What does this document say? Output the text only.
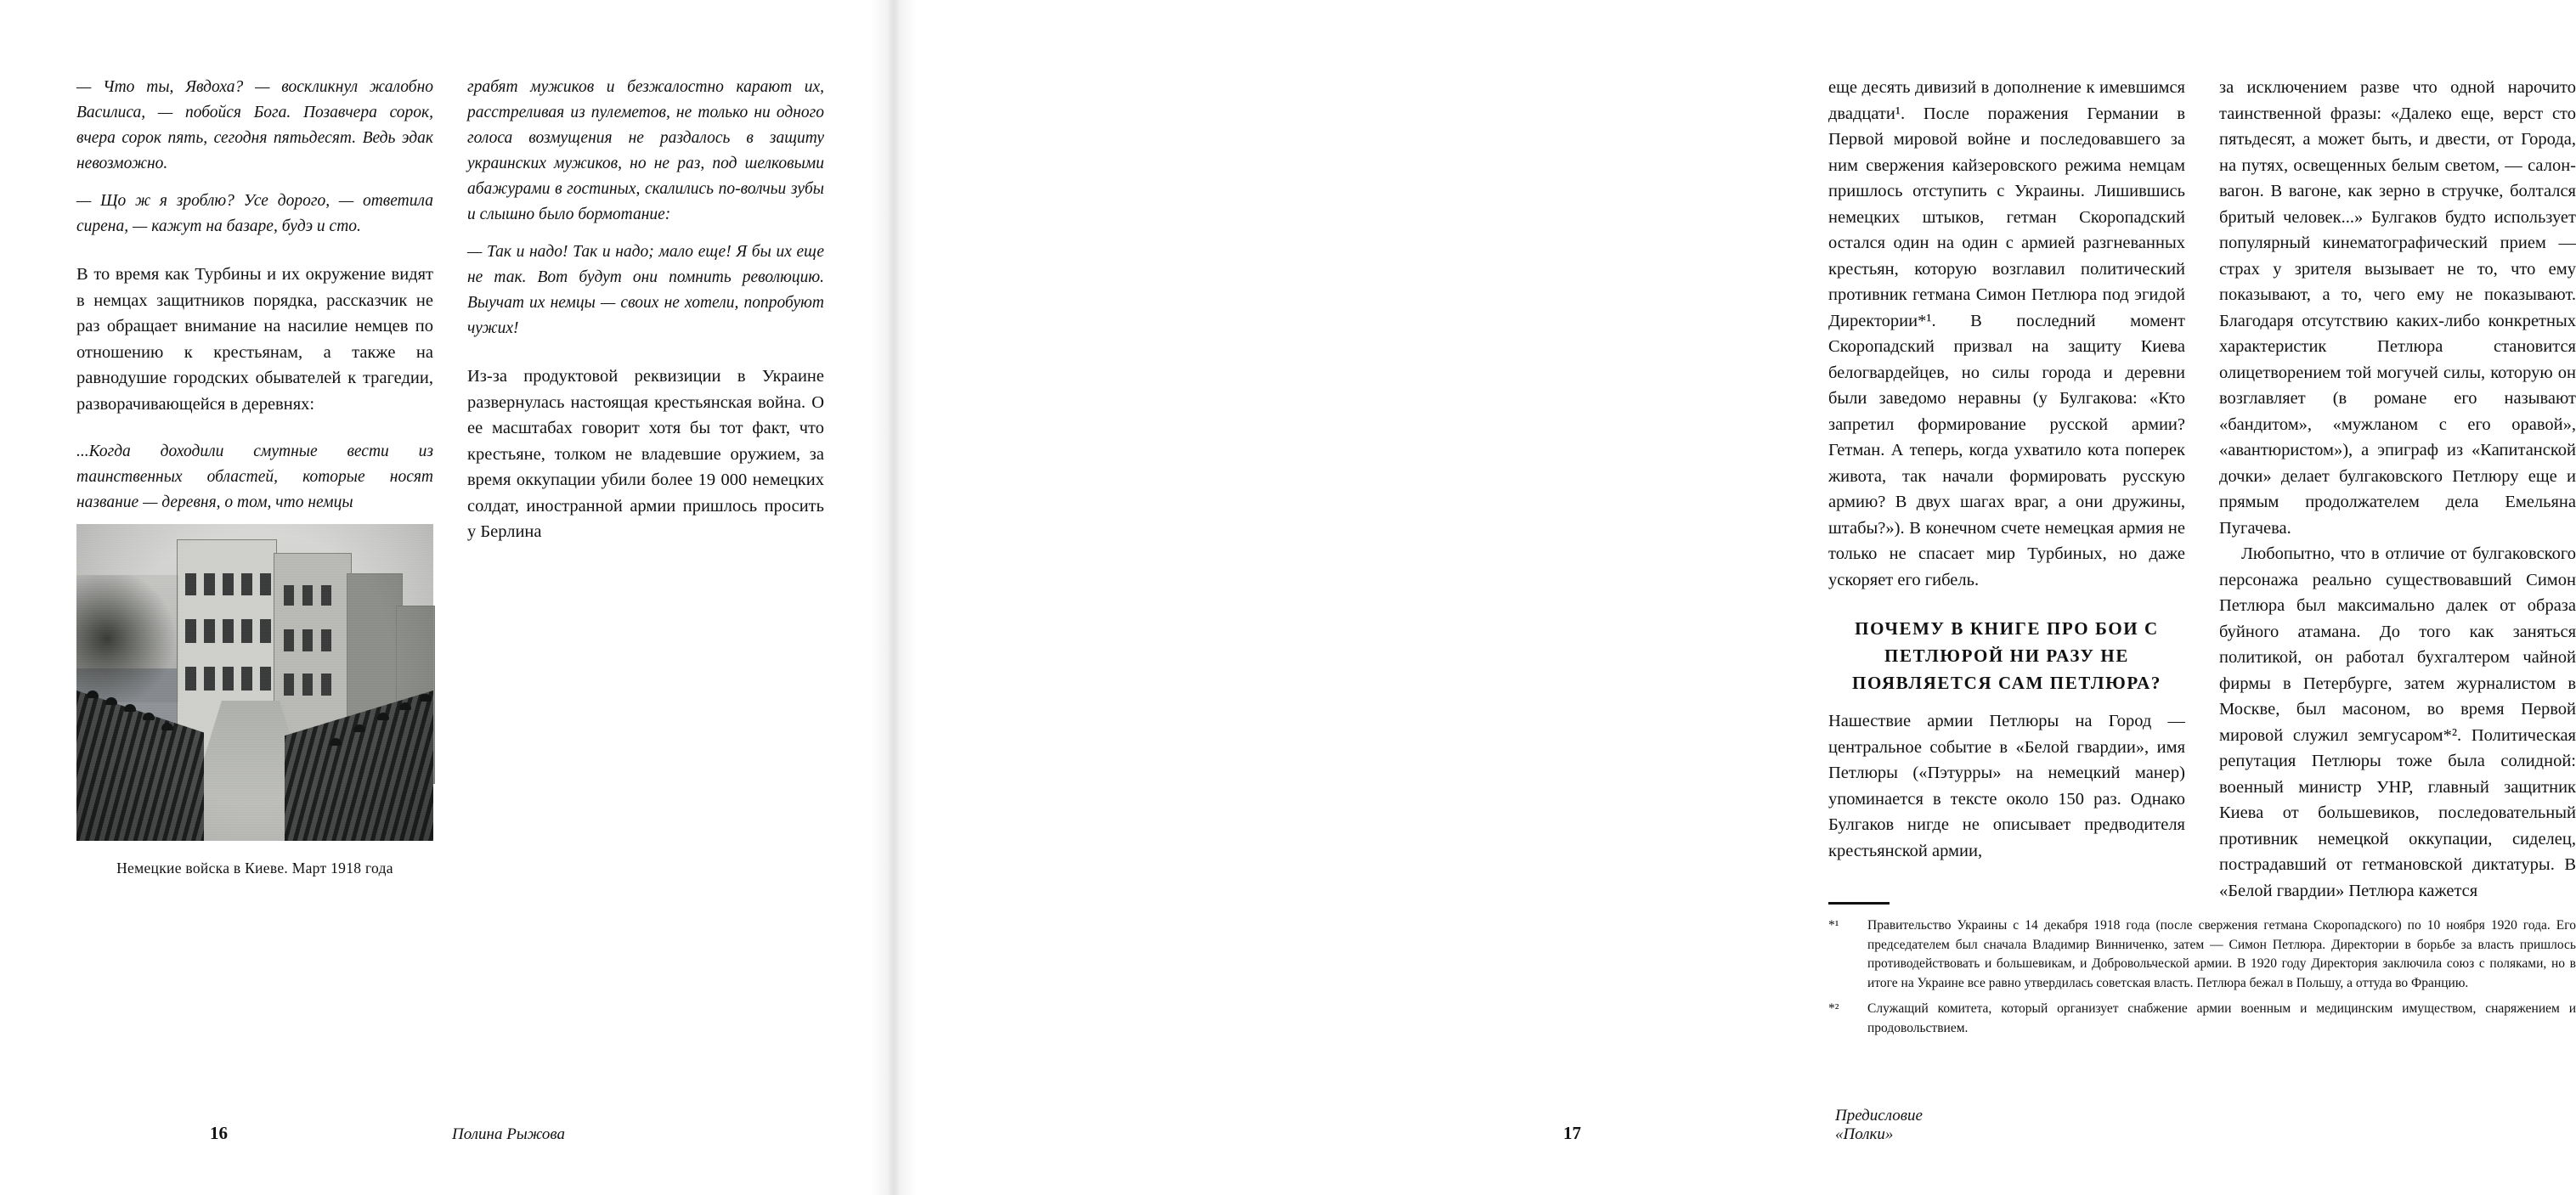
— Что ты, Явдоха? — воскликнул жалобно Василиса, — побойся Бога. Позавчера сорок, вчера сорок пять, сегодня пятьдесят. Ведь эдак невозможно.

— Що ж я зроблю? Усе дорого, — ответила сирена, — кажут на базаре, будэ и сто.

В то время как Турбины и их окружение видят в немцах защитников порядка, рассказчик не раз обращает внимание на насилие немцев по отношению к крестьянам, а также на равнодушие городских обывателей к трагедии, разворачивающейся в деревнях:

...Когда доходили смутные вести из таинственных областей, которые носят название — деревня, о том, что немцы

Немецкие войска в Киеве. Март 1918 года

грабят мужиков и безжалостно карают их, расстреливая из пулеметов, не только ни одного голоса возмущения не раздалось в защиту украинских мужиков, но не раз, под шелковыми абажурами в гостиных, скалились по-волчьи зубы и слышно было бормотание:

— Так и надо! Так и надо; мало еще! Я бы их еще не так. Вот будут они помнить революцию. Выучат их немцы — своих не хотели, попробуют чужих!

Из-за продуктовой реквизиции в Украине развернулась настоящая крестьянская война. О ее масштабах говорит хотя бы тот факт, что крестьяне, толком не владевшие оружием, за время оккупации убили более 19 000 немецких солдат, иностранной армии пришлось просить у Берлина

16	Полина Рыжова

еще десять дивизий в дополнение к имевшимся двадцати¹. После поражения Германии в Первой мировой войне и последовавшего за ним свержения кайзеровского режима немцам пришлось отступить с Украины. Лишившись немецких штыков, гетман Скоропадский остался один на один с армией разгневанных крестьян, которую возглавил политический противник гетмана Симон Петлюра под эгидой Директории*¹. В последний момент Скоропадский призвал на защиту Киева белогвардейцев, но силы города и деревни были заведомо неравны (у Булгакова: «Кто запретил формирование русской армии? Гетман. А теперь, когда ухватило кота поперек живота, так начали формировать русскую армию? В двух шагах враг, а они дружины, штабы?»). В конечном счете немецкая армия не только не спасает мир Турбиных, но даже ускоряет его гибель.

ПОЧЕМУ В КНИГЕ ПРО БОИ С ПЕТЛЮРОЙ НИ РАЗУ НЕ ПОЯВЛЯЕТСЯ САМ ПЕТЛЮРА?

Нашествие армии Петлюры на Город — центральное событие в «Белой гвардии», имя Петлюры («Пэтурры» на немецкий манер) упоминается в тексте около 150 раз. Однако Булгаков нигде не описывает предводителя крестьянской армии,

за исключением разве что одной нарочито таинственной фразы: «Далеко еще, верст сто пятьдесят, а может быть, и двести, от Города, на путях, освещенных белым светом, — салон-вагон. В вагоне, как зерно в стручке, болтался бритый человек...» Булгаков будто использует популярный кинематографический прием — страх у зрителя вызывает не то, что ему показывают, а то, чего ему не показывают. Благодаря отсутствию каких-либо конкретных характеристик Петлюра становится олицетворением той могучей силы, которую он возглавляет (в романе его называют «бандитом», «мужланом с его оравой», «авантюристом»), а эпиграф из «Капитанской дочки» делает булгаковского Петлюру еще и прямым продолжателем дела Емельяна Пугачева.

Любопытно, что в отличие от булгаковского персонажа реально существовавший Симон Петлюра был максимально далек от образа буйного атамана. До того как заняться политикой, он работал бухгалтером чайной фирмы в Петербурге, затем журналистом в Москве, был масоном, во время Первой мировой служил земгусаром*². Политическая репутация Петлюры тоже была солидной: военный министр УНР, главный защитник Киева от большевиков, последовательный противник немецкой оккупации, сиделец, пострадавший от гетмановской диктатуры. В «Белой гвардии» Петлюра кажется

*¹	Правительство Украины с 14 декабря 1918 года (после свержения гетмана Скоропадского) по 10 ноября 1920 года. Его председателем был сначала Владимир Винниченко, затем — Симон Петлюра. Директории в борьбе за власть пришлось противодействовать и большевикам, и Добровольческой армии. В 1920 году Директория заключила союз с поляками, но в итоге на Украине все равно утвердилась советская власть. Петлюра бежал в Польшу, а оттуда во Францию.
*²	Служащий комитета, который организует снабжение армии военным и медицинским имуществом, снаряжением и продовольствием.
17
Предисловие «Полки»
